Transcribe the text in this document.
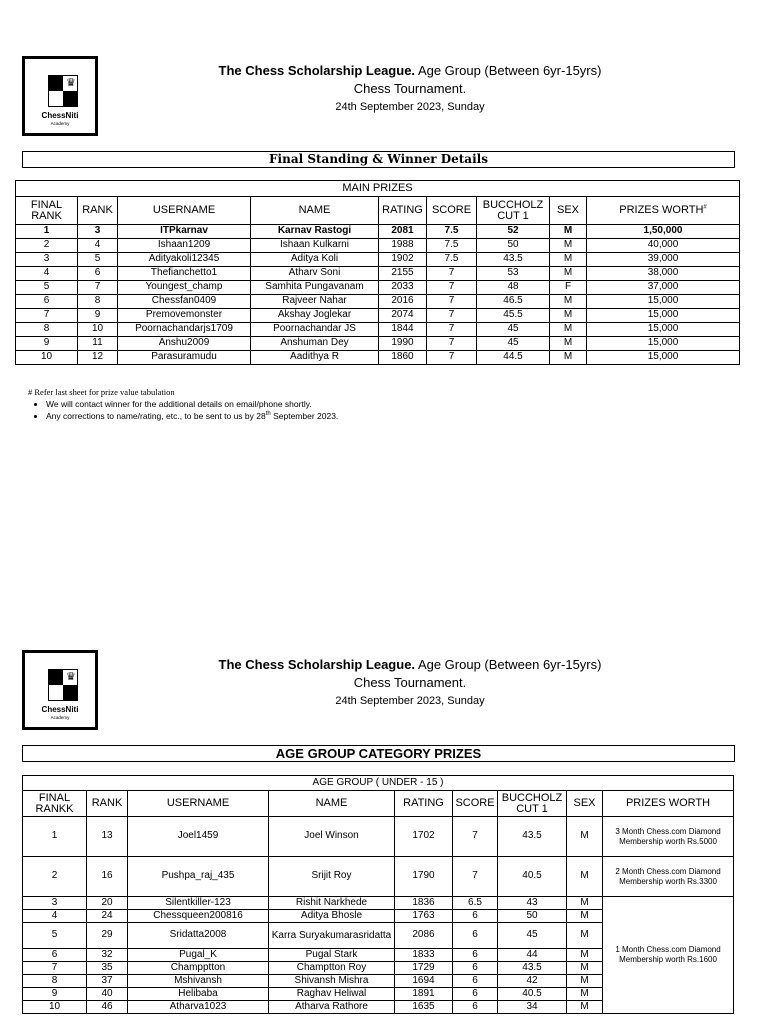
♛
♙
ChessNiti
Academy
The Chess Scholarship League. Age Group (Between 6yr-15yrs)
Chess Tournament.
24th September 2023, Sunday
Final Standing & Winner Details
MAIN PRIZES								
FINAL RANK	RANK	USERNAME	NAME	RATING	SCORE	BUCCHOLZ CUT 1	SEX	PRIZES WORTH#
1	3	ITPkarnav	Karnav Rastogi	2081	7.5	52	M	1,50,000
2	4	Ishaan1209	Ishaan Kulkarni	1988	7.5	50	M	40,000
3	5	Adityakoli12345	Aditya Koli	1902	7.5	43.5	M	39,000
4	6	Thefianchetto1	Atharv Soni	2155	7	53	M	38,000
5	7	Youngest_champ	Samhita Pungavanam	2033	7	48	F	37,000
6	8	Chessfan0409	Rajveer Nahar	2016	7	46.5	M	15,000
7	9	Premovemonster	Akshay Joglekar	2074	7	45.5	M	15,000
8	10	Poornachandarjs1709	Poornachandar JS	1844	7	45	M	15,000
9	11	Anshu2009	Anshuman Dey	1990	7	45	M	15,000
10	12	Parasuramudu	Aadithya R	1860	7	44.5	M	15,000
# Refer last sheet for prize value tabulation
• We will contact winner for the additional details on email/phone shortly.
• Any corrections to name/rating, etc., to be sent to us by 28th September 2023.
♛
♙
ChessNiti
Academy
The Chess Scholarship League. Age Group (Between 6yr-15yrs)
Chess Tournament.
24th September 2023, Sunday
AGE GROUP CATEGORY PRIZES
AGE GROUP ( UNDER - 15 )								
FINAL RANKK	RANK	USERNAME	NAME	RATING	SCORE	BUCCHOLZ CUT 1	SEX	PRIZES WORTH
1	13	Joel1459	Joel Winson	1702	7	43.5	M	3 Month Chess.com Diamond Membership worth Rs.5000
2	16	Pushpa_raj_435	Srijit Roy	1790	7	40.5	M	2 Month Chess.com Diamond Membership worth Rs.3300
3	20	Silentkiller-123	Rishit Narkhede	1836	6.5	43	M	1 Month Chess.com Diamond Membership worth Rs.1600
4	24	Chessqueen200816	Aditya Bhosle	1763	6	50	M	
5	29	Sridatta2008	Karra Suryakumarasridatta	2086	6	45	M	
6	32	Pugal_K	Pugal Stark	1833	6	44	M	
7	35	Champptton	Champtton Roy	1729	6	43.5	M	
8	37	Mshivansh	Shivansh Mishra	1694	6	42	M	
9	40	Helibaba	Raghav Heliwal	1891	6	40.5	M	
10	46	Atharva1023	Atharva Rathore	1635	6	34	M	
